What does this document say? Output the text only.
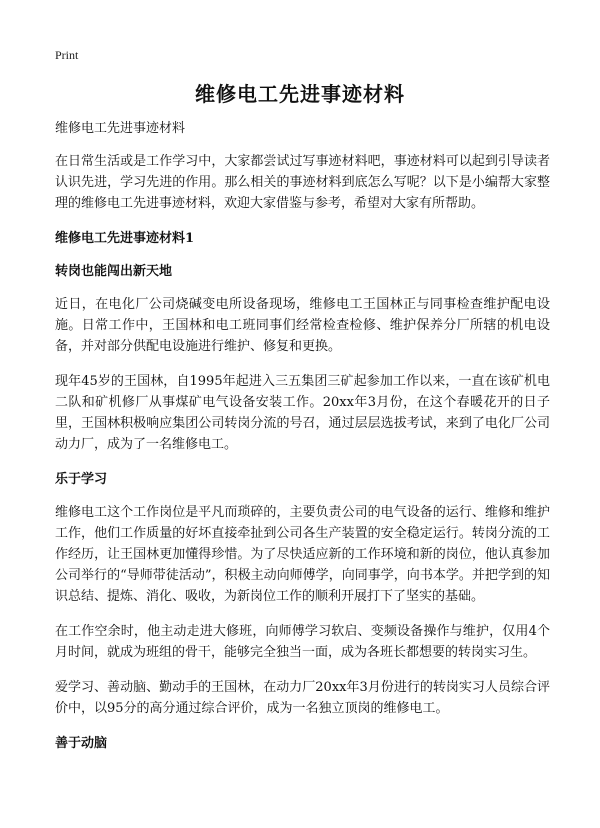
Print
维修电工先进事迹材料

维修电工先进事迹材料

在日常生活或是工作学习中，大家都尝试过写事迹材料吧，事迹材料可以起到引导读者认识先进，学习先进的作用。那么相关的事迹材料到底怎么写呢？以下是小编帮大家整理的维修电工先进事迹材料，欢迎大家借鉴与参考，希望对大家有所帮助。

维修电工先进事迹材料1
转岗也能闯出新天地

近日，在电化厂公司烧碱变电所设备现场，维修电工王国林正与同事检查维护配电设施。日常工作中，王国林和电工班同事们经常检查检修、维护保养分厂所辖的机电设备，并对部分供配电设施进行维护、修复和更换。

现年45岁的王国林，自1995年起进入三五集团三矿起参加工作以来，一直在该矿机电二队和矿机修厂从事煤矿电气设备安装工作。20xx年3月份，在这个春暖花开的日子里，王国林积极响应集团公司转岗分流的号召，通过层层选拔考试，来到了电化厂公司动力厂，成为了一名维修电工。

乐于学习

维修电工这个工作岗位是平凡而琐碎的，主要负责公司的电气设备的运行、维修和维护工作，他们工作质量的好坏直接牵扯到公司各生产装置的安全稳定运行。转岗分流的工作经历，让王国林更加懂得珍惜。为了尽快适应新的工作环境和新的岗位，他认真参加公司举行的“导师带徒活动”，积极主动向师傅学，向同事学，向书本学。并把学到的知识总结、提炼、消化、吸收，为新岗位工作的顺利开展打下了坚实的基础。

在工作空余时，他主动走进大修班，向师傅学习软启、变频设备操作与维护，仅用4个月时间，就成为班组的骨干，能够完全独当一面，成为各班长都想要的转岗实习生。

爱学习、善动脑、勤动手的王国林，在动力厂20xx年3月份进行的转岗实习人员综合评价中，以95分的高分通过综合评价，成为一名独立顶岗的维修电工。

善于动脑
